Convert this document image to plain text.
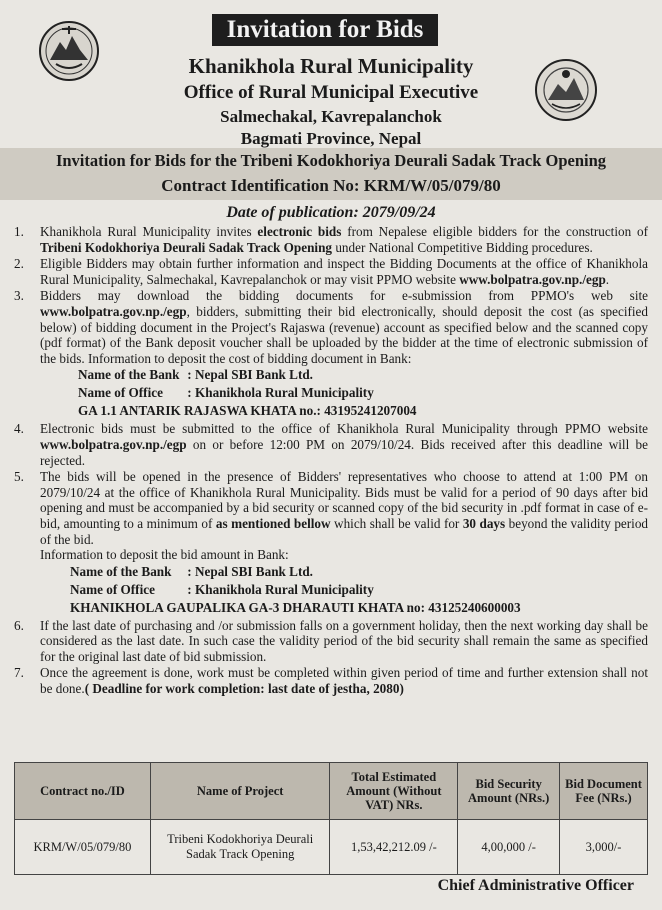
Invitation for Bids
Khanikhola Rural Municipality
Office of Rural Municipal Executive
Salmechakal, Kavrepalanchok
Bagmati Province, Nepal
Invitation for Bids for the Tribeni Kodokhoriya Deurali Sadak Track Opening
Contract Identification No: KRM/W/05/079/80
Date of publication: 2079/09/24
1.	Khanikhola Rural Municipality invites electronic bids from Nepalese eligible bidders for the construction of Tribeni Kodokhoriya Deurali Sadak Track Opening under National Competitive Bidding procedures.
2.	Eligible Bidders may obtain further information and inspect the Bidding Documents at the office of Khanikhola Rural Municipality, Salmechakal, Kavrepalanchok or may visit PPMO website www.bolpatra.gov.np./egp.
3.	Bidders may download the bidding documents for e-submission from PPMO's web site www.bolpatra.gov.np./egp, bidders, submitting their bid electronically, should deposit the cost (as specified below) of bidding document in the Project's Rajaswa (revenue) account as specified below and the scanned copy (pdf format) of the Bank deposit voucher shall be uploaded by the bidder at the time of electronic submission of the bids. Information to deposit the cost of bidding document in Bank:
Name of the Bank : Nepal SBI Bank Ltd.
Name of Office : Khanikhola Rural Municipality
GA 1.1 ANTARIK RAJASWA KHATA no.: 43195241207004
4.	Electronic bids must be submitted to the office of Khanikhola Rural Municipality through PPMO website www.bolpatra.gov.np./egp on or before 12:00 PM on 2079/10/24. Bids received after this deadline will be rejected.
5.	The bids will be opened in the presence of Bidders' representatives who choose to attend at 1:00 PM on 2079/10/24 at the office of Khanikhola Rural Municipality. Bids must be valid for a period of 90 days after bid opening and must be accompanied by a bid security or scanned copy of the bid security in .pdf format in case of e-bid, amounting to a minimum of as mentioned bellow which shall be valid for 30 days beyond the validity period of the bid.
Information to deposit the bid amount in Bank:
Name of the Bank : Nepal SBI Bank Ltd.
Name of Office : Khanikhola Rural Municipality
KHANIKHOLA GAUPALIKA GA-3 DHARAUTI KHATA no: 43125240600003
6.	If the last date of purchasing and /or submission falls on a government holiday, then the next working day shall be considered as the last date. In such case the validity period of the bid security shall remain the same as specified for the original last date of bid submission.
7.	Once the agreement is done, work must be completed within given period of time and further extension shall not be done.( Deadline for work completion: last date of jestha, 2080)
Contract no./ID	Name of Project	Total Estimated Amount (Without VAT) NRs.	Bid Security Amount (NRs.)	Bid Document Fee (NRs.)
KRM/W/05/079/80	Tribeni Kodokhoriya Deurali Sadak Track Opening	1,53,42,212.09 /-	4,00,000 /-	3,000/-
Chief Administrative Officer
